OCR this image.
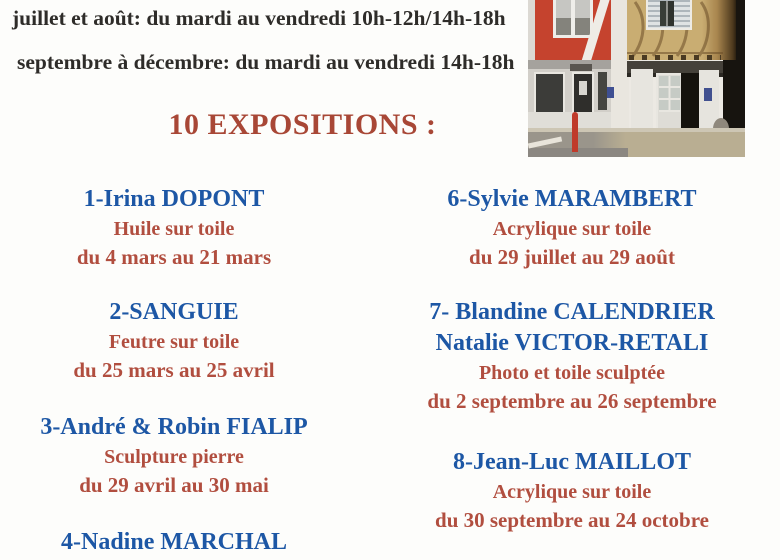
juillet et août: du mardi au vendredi 10h-12h/14h-18h
septembre à décembre: du mardi au vendredi 14h-18h
10 EXPOSITIONS :
1-Irina DOPONT
Huile sur toile
du 4 mars au 21 mars
2-SANGUIE
Feutre sur toile
du 25 mars au 25 avril
3-André & Robin FIALIP
Sculpture pierre
du 29 avril au 30 mai
4-Nadine MARCHAL
6-Sylvie MARAMBERT
Acrylique sur toile
du 29 juillet au 29 août
7- Blandine CALENDRIER
Natalie VICTOR-RETALI
Photo et toile sculptée
du 2 septembre au 26 septembre
8-Jean-Luc MAILLOT
Acrylique sur toile
du 30 septembre au 24 octobre
